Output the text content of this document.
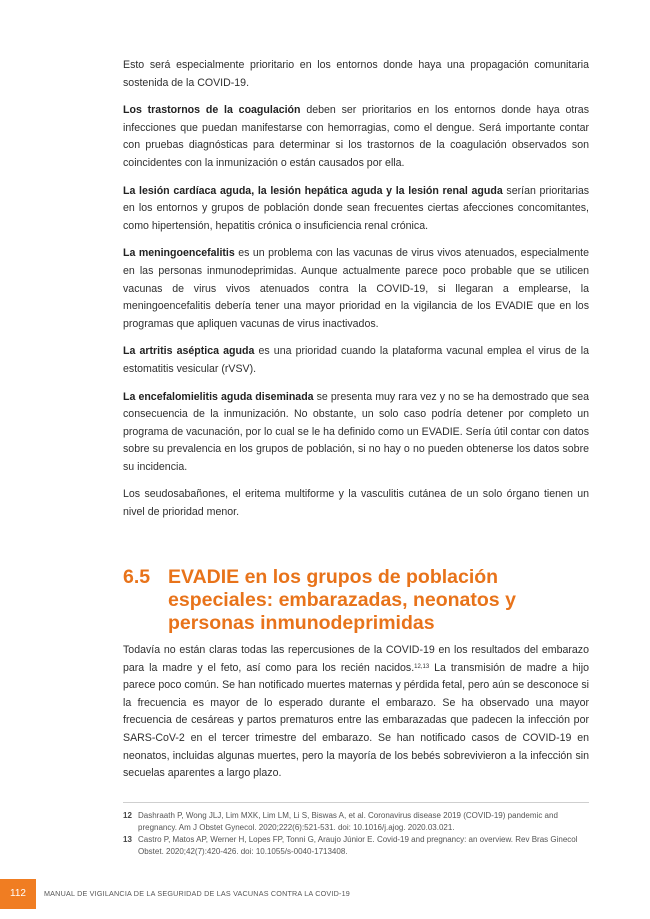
Esto será especialmente prioritario en los entornos donde haya una propagación comunitaria sostenida de la COVID-19.

Los trastornos de la coagulación deben ser prioritarios en los entornos donde haya otras infecciones que puedan manifestarse con hemorragias, como el dengue. Será importante contar con pruebas diagnósticas para determinar si los trastornos de la coagulación observados son coincidentes con la inmunización o están causados por ella.

La lesión cardíaca aguda, la lesión hepática aguda y la lesión renal aguda serían prioritarias en los entornos y grupos de población donde sean frecuentes ciertas afecciones concomitantes, como hipertensión, hepatitis crónica o insuficiencia renal crónica.

La meningoencefalitis es un problema con las vacunas de virus vivos atenuados, especialmente en las personas inmunodeprimidas. Aunque actualmente parece poco probable que se utilicen vacunas de virus vivos atenuados contra la COVID-19, si llegaran a emplearse, la meningoencefalitis debería tener una mayor prioridad en la vigilancia de los EVADIE que en los programas que apliquen vacunas de virus inactivados.

La artritis aséptica aguda es una prioridad cuando la plataforma vacunal emplea el virus de la estomatitis vesicular (rVSV).

La encefalomielitis aguda diseminada se presenta muy rara vez y no se ha demostrado que sea consecuencia de la inmunización. No obstante, un solo caso podría detener por completo un programa de vacunación, por lo cual se le ha definido como un EVADIE. Sería útil contar con datos sobre su prevalencia en los grupos de población, si no hay o no pueden obtenerse los datos sobre su incidencia.

Los seudosabañones, el eritema multiforme y la vasculitis cutánea de un solo órgano tienen un nivel de prioridad menor.

6.5 EVADIE en los grupos de población especiales: embarazadas, neonatos y personas inmunodeprimidas

Todavía no están claras todas las repercusiones de la COVID-19 en los resultados del embarazo para la madre y el feto, así como para los recién nacidos.$^{12,13}$ La transmisión de madre a hijo parece poco común. Se han notificado muertes maternas y pérdida fetal, pero aún se desconoce si la frecuencia es mayor de lo esperado durante el embarazo. Se ha observado una mayor frecuencia de cesáreas y partos prematuros entre las embarazadas que padecen la infección por SARS-CoV-2 en el tercer trimestre del embarazo. Se han notificado casos de COVID-19 en neonatos, incluidas algunas muertes, pero la mayoría de los bebés sobrevivieron a la infección sin secuelas aparentes a largo plazo.

12 Dashraath P, Wong JLJ, Lim MXK, Lim LM, Li S, Biswas A, et al. Coronavirus disease 2019 (COVID-19) pandemic and pregnancy. Am J Obstet Gynecol. 2020;222(6):521-531. doi: 10.1016/j.ajog. 2020.03.021.
13 Castro P, Matos AP, Werner H, Lopes FP, Tonni G, Araujo Júnior E. Covid-19 and pregnancy: an overview. Rev Bras Ginecol Obstet. 2020;42(7):420-426. doi: 10.1055/s-0040-1713408.
112	MANUAL DE VIGILANCIA DE LA SEGURIDAD DE LAS VACUNAS CONTRA LA COVID-19
